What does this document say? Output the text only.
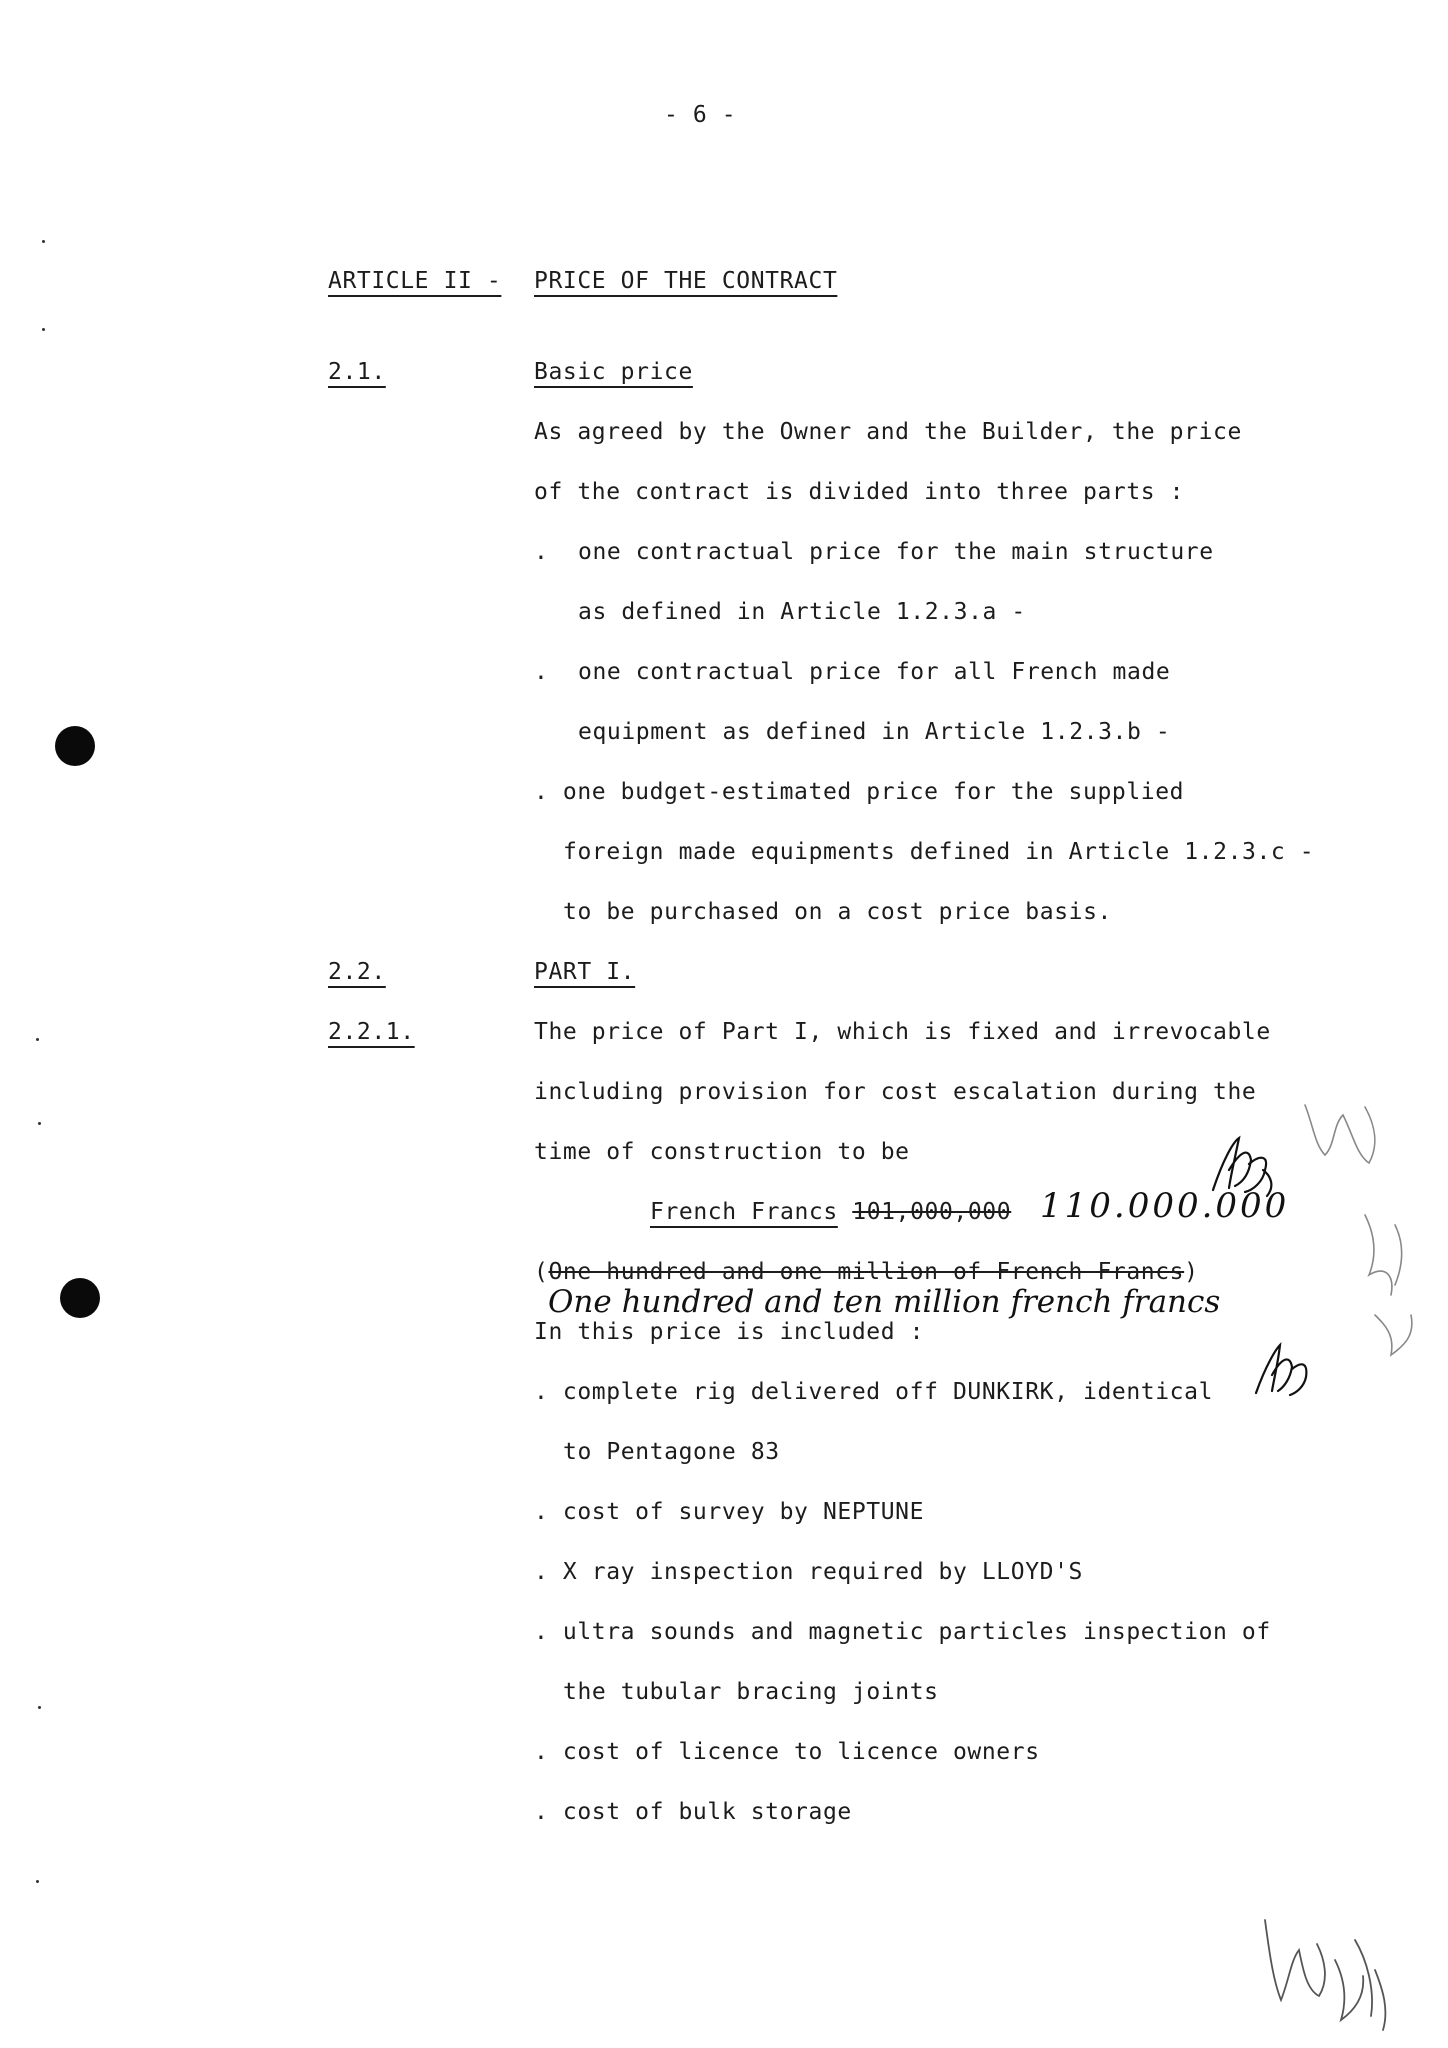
- 6 -
ARTICLE II - PRICE OF THE CONTRACT
2.1.	Basic price
As agreed by the Owner and the Builder, the price
of the contract is divided into three parts :
. one contractual price for the main structure
as defined in Article 1.2.3.a -
. one contractual price for all French made
equipment as defined in Article 1.2.3.b -
. one budget-estimated price for the supplied
foreign made equipments defined in Article 1.2.3.c -
to be purchased on a cost price basis.
2.2.	PART I.
2.2.1.	The price of Part I, which is fixed and irrevocable
including provision for cost escalation during the
time of construction to be
French Francs 101,000,000 110.000.000
(One hundred and one million of French Francs)
One hundred and ten million french francs
In this price is included :
. complete rig delivered off DUNKIRK, identical
to Pentagone 83
. cost of survey by NEPTUNE
. X ray inspection required by LLOYD'S
. ultra sounds and magnetic particles inspection of
the tubular bracing joints
. cost of licence to licence owners
. cost of bulk storage
